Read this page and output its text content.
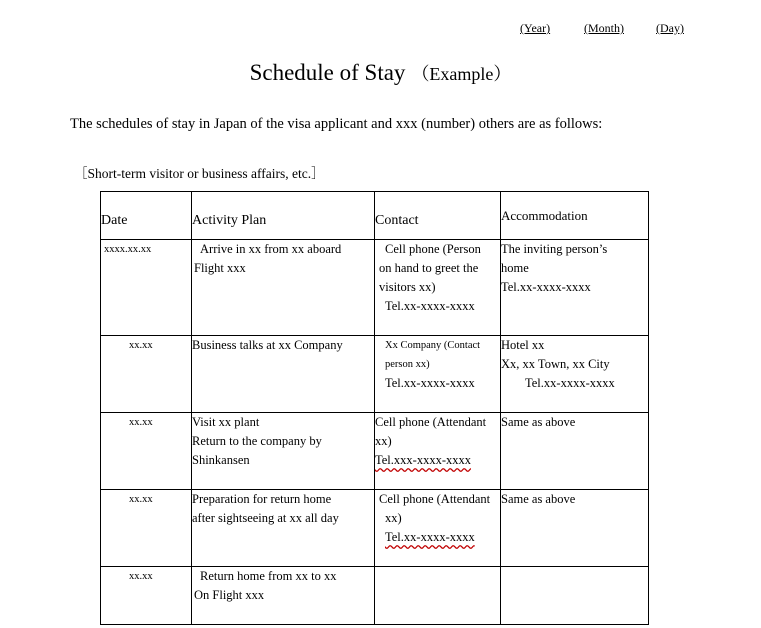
(Year)	(Month)	(Day)
Schedule of Stay （Example）
The schedules of stay in Japan of the visa applicant and xxx (number) others are as follows:
［Short-term visitor or business affairs, etc.］
Date	Activity Plan	Contact	Accommodation
xxxx.xx.xx	Arrive in xx from xx aboard
Flight xxx	Cell phone (Person
on hand to greet the
visitors xx)
Tel.xx-xxxx-xxxx	The inviting person’s
home
Tel.xx-xxxx-xxxx

xx.xx	Business talks at xx Company	Xx Company (Contact
person xx)
Tel.xx-xxxx-xxxx	Hotel xx
Xx, xx Town, xx City
Tel.xx-xxxx-xxxx

xx.xx	Visit xx plant
Return to the company by
Shinkansen	Cell phone (Attendant
xx)
Tel.xxx-xxxx-xxxx	Same as above

xx.xx	Preparation for return home
after sightseeing at xx all day	Cell phone (Attendant
xx)
Tel.xx-xxxx-xxxx	Same as above

xx.xx	Return home from xx to xx
On Flight xxx		
